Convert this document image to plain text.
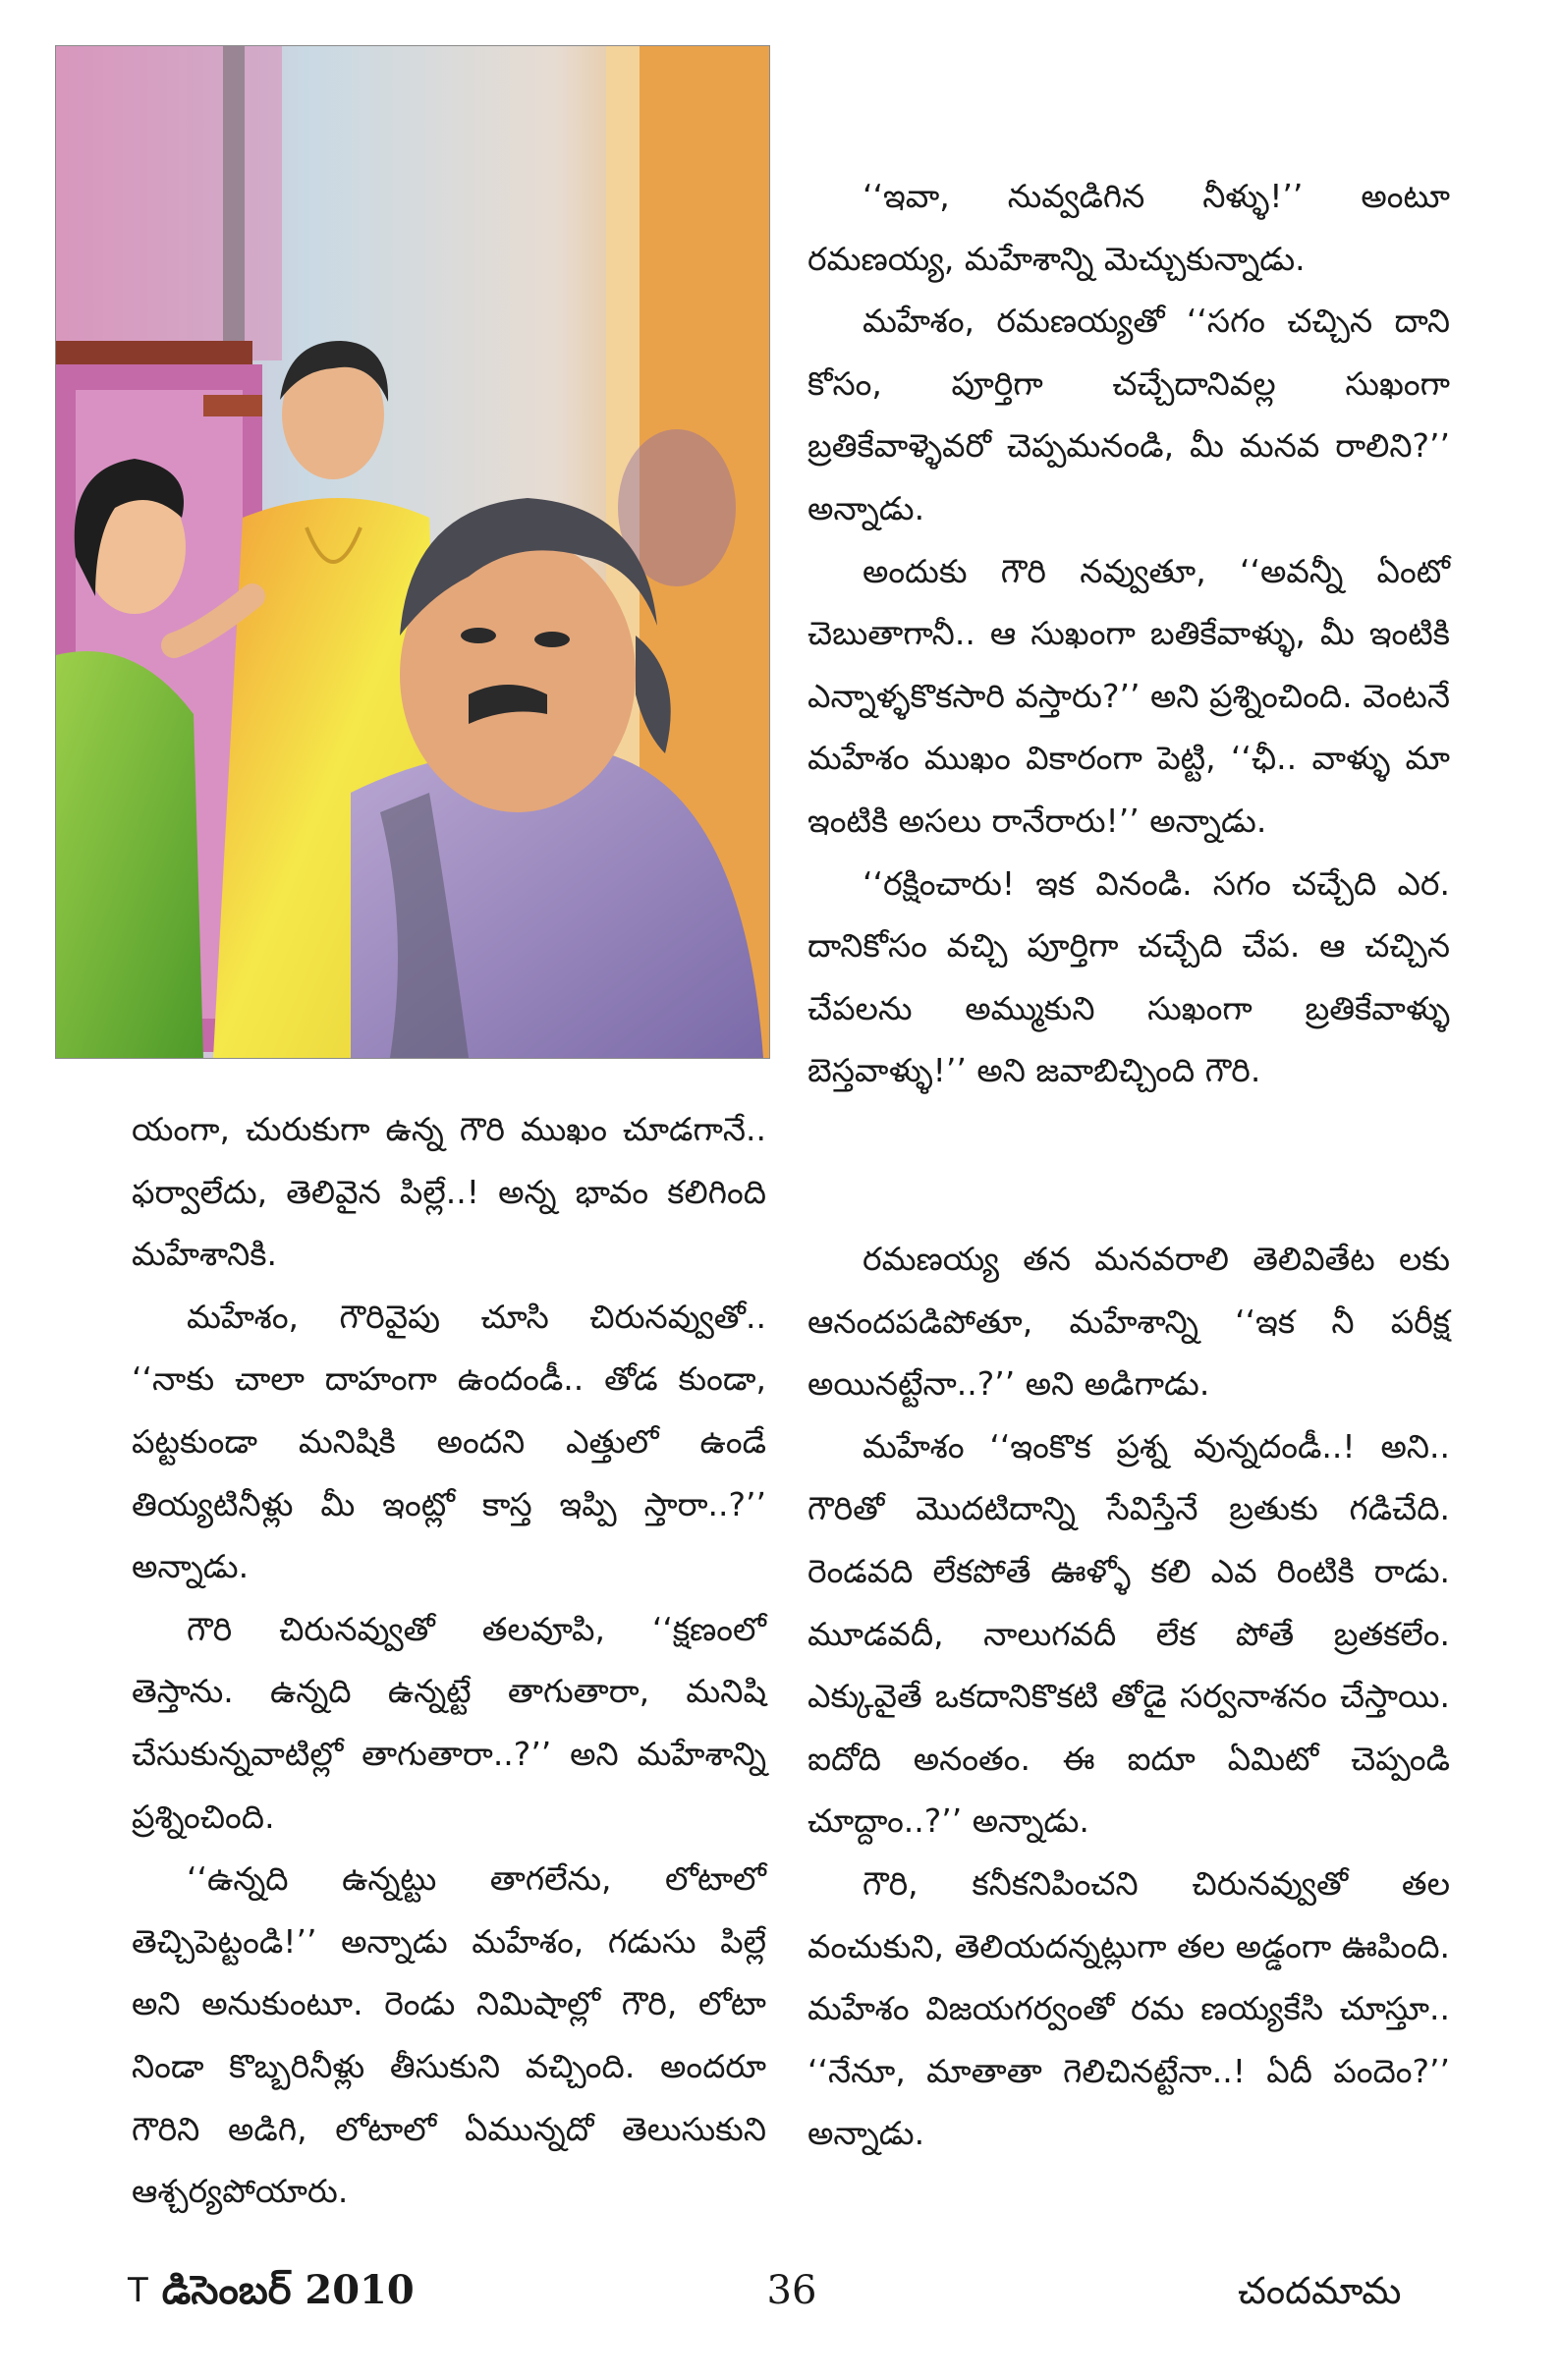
‘‘ఇవా, నువ్వడిగిన నీళ్ళు!’’ అంటూ రమణయ్య, మహేశాన్ని మెచ్చుకున్నాడు.

మహేశం, రమణయ్యతో ‘‘సగం చచ్చిన దాని కోసం, పూర్తిగా చచ్చేదానివల్ల సుఖంగా బ్రతికేవాళ్ళెవరో చెప్పమనండి, మీ మనవ రాలిని?’’ అన్నాడు.

అందుకు గౌరి నవ్వుతూ, ‘‘అవన్నీ ఏంటో చెబుతాగానీ.. ఆ సుఖంగా బతికేవాళ్ళు, మీ ఇంటికి ఎన్నాళ్ళకొకసారి వస్తారు?’’ అని ప్రశ్నించింది. వెంటనే మహేశం ముఖం వికారంగా పెట్టి, ‘‘ఛీ.. వాళ్ళు మా ఇంటికి అసలు రానేరారు!’’ అన్నాడు.

‘‘రక్షించారు! ఇక వినండి. సగం చచ్చేది ఎర. దానికోసం వచ్చి పూర్తిగా చచ్చేది చేప. ఆ చచ్చిన చేపలను అమ్ముకుని సుఖంగా బ్రతికేవాళ్ళు బెస్తవాళ్ళు!’’ అని జవాబిచ్చింది గౌరి.

యంగా, చురుకుగా ఉన్న గౌరి ముఖం చూడగానే.. ఫర్వాలేదు, తెలివైన పిల్లే..! అన్న భావం కలిగింది మహేశానికి.

మహేశం, గౌరివైపు చూసి చిరునవ్వుతో.. ‘‘నాకు చాలా దాహంగా ఉందండీ.. తోడ కుండా, పట్టకుండా మనిషికి అందని ఎత్తులో ఉండే తియ్యటినీళ్లు మీ ఇంట్లో కాస్త ఇప్పి స్తారా..?’’ అన్నాడు.

గౌరి చిరునవ్వుతో తలవూపి, ‘‘క్షణంలో తెస్తాను. ఉన్నది ఉన్నట్టే తాగుతారా, మనిషి చేసుకున్నవాటిల్లో తాగుతారా..?’’ అని మహేశాన్ని ప్రశ్నించింది.

‘‘ఉన్నది ఉన్నట్టు తాగలేను, లోటాలో తెచ్చిపెట్టండి!’’ అన్నాడు మహేశం, గడుసు పిల్లే అని అనుకుంటూ. రెండు నిమిషాల్లో గౌరి, లోటా నిండా కొబ్బరినీళ్లు తీసుకుని వచ్చింది. అందరూ గౌరిని అడిగి, లోటాలో ఏమున్నదో తెలుసుకుని ఆశ్చర్యపోయారు.

రమణయ్య తన మనవరాలి తెలివితేట లకు ఆనందపడిపోతూ, మహేశాన్ని ‘‘ఇక నీ పరీక్ష అయినట్టేనా..?’’ అని అడిగాడు.

మహేశం ‘‘ఇంకొక ప్రశ్న వున్నదండీ..! అని.. గౌరితో మొదటిదాన్ని సేవిస్తేనే బ్రతుకు గడిచేది. రెండవది లేకపోతే ఊళ్ళో కలి ఎవ రింటికి రాడు. మూడవదీ, నాలుగవదీ లేక పోతే బ్రతకలేం. ఎక్కువైతే ఒకదానికొకటి తోడై సర్వనాశనం చేస్తాయి. ఐదోది అనంతం. ఈ ఐదూ ఏమిటో చెప్పండి చూద్దాం..?’’ అన్నాడు.

గౌరి, కనీకనిపించని చిరునవ్వుతో తల వంచుకుని, తెలియదన్నట్లుగా తల అడ్డంగా ఊపింది. మహేశం విజయగర్వంతో రమ ణయ్యకేసి చూస్తూ.. ‘‘నేనూ, మాతాతా గెలిచినట్టేనా..! ఏదీ పందెం?’’ అన్నాడు.

$^T$ డిసెంబర్ 2010	36	చందమామ
